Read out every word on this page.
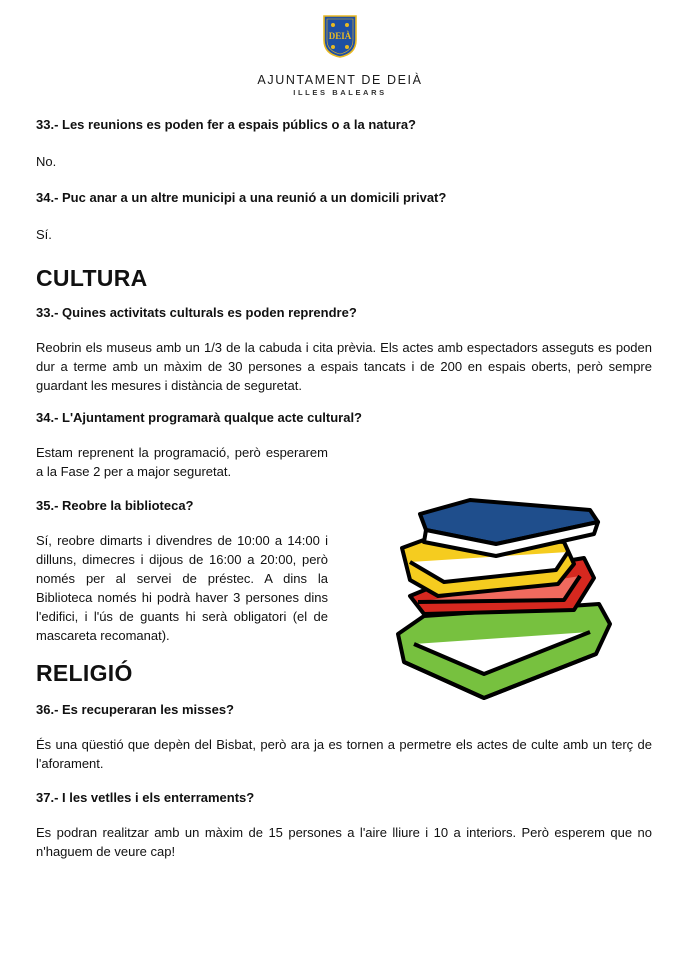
DEIÀ
AJUNTAMENT DE DEIÀ
ILLES BALEARS
33.- Les reunions es poden fer a espais públics o a la natura?
No.
34.- Puc anar a un altre municipi a una reunió a un domicili privat?
Sí.
CULTURA
33.- Quines activitats culturals es poden reprendre?
Reobrin els museus amb un 1/3 de la cabuda i cita prèvia. Els actes amb espectadors asseguts es poden dur a terme amb un màxim de 30 persones a espais tancats i de 200 en espais oberts, però sempre guardant les mesures i distància de seguretat.
34.- L'Ajuntament programarà qualque acte cultural?
Estam reprenent la programació, però esperarem a la Fase 2 per a major seguretat.
35.- Reobre la biblioteca?
Sí, reobre dimarts i divendres de 10:00 a 14:00 i dilluns, dimecres i dijous de 16:00 a 20:00, però només per al servei de préstec. A dins la Biblioteca només hi podrà haver 3 persones dins l'edifici, i l'ús de guants hi serà obligatori (el de mascareta recomanat).
RELIGIÓ
36.- Es recuperaran les misses?
És una qüestió que depèn del Bisbat, però ara ja es tornen a permetre els actes de culte amb un terç de l'aforament.
37.- I les vetlles i els enterraments?
Es podran realitzar amb un màxim de 15 persones a l'aire lliure i 10 a interiors. Però esperem que no n'haguem de veure cap!
